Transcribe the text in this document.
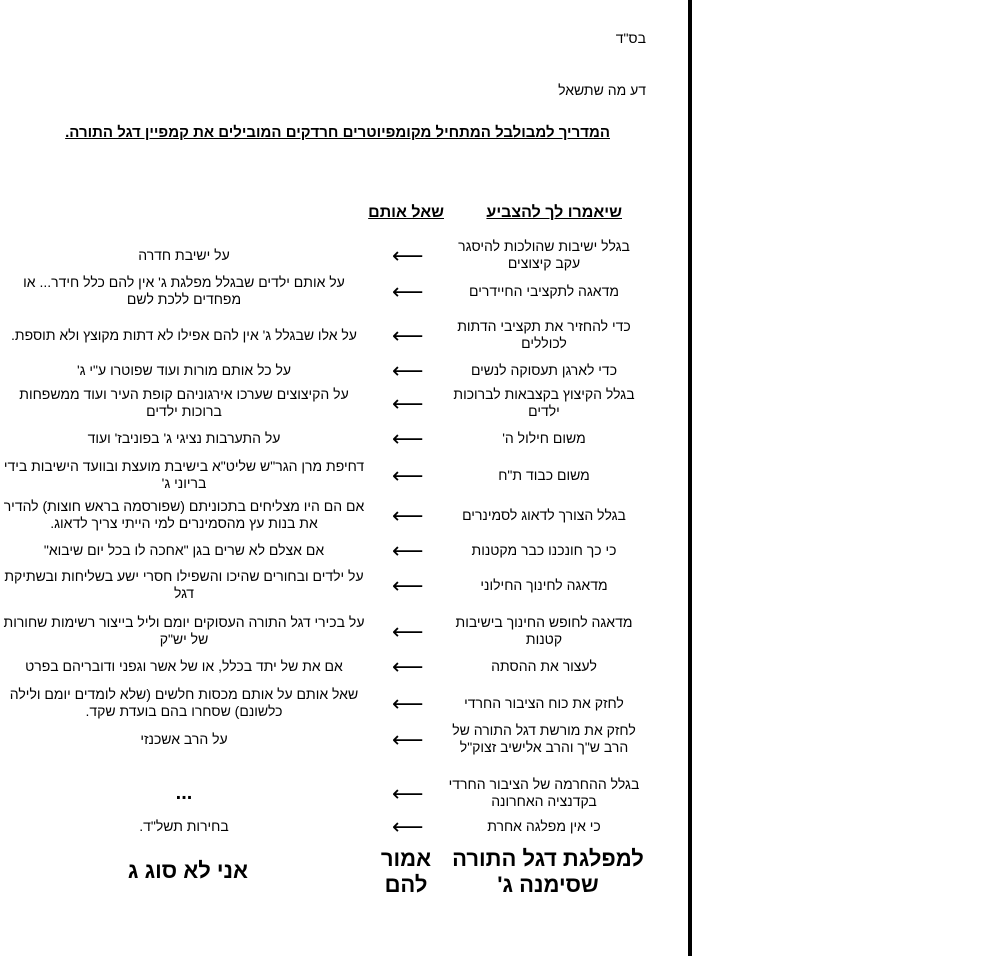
בס"ד
דע מה שתשאל
המדריך למבולבל המתחיל מקומפיוטרים חרדקים המובילים את קמפיין דגל התורה.
שיאמרו לך להצביע
שאל אותם
בגלל ישיבות שהולכות להיסגר עקב קיצוצים
⟵
על ישיבת חדרה
מדאגה לתקציבי החיידרים
⟵
על אותם ילדים שבגלל מפלגת ג' אין להם כלל חידר... או מפחדים ללכת לשם
כדי להחזיר את תקציבי הדתות לכוללים
⟵
על אלו שבגלל ג' אין להם אפילו לא דתות מקוצץ ולא תוספת.
כדי לארגן תעסוקה לנשים
⟵
על כל אותם מורות ועוד שפוטרו ע"י ג'
בגלל הקיצוץ בקצבאות לברוכות ילדים
⟵
על הקיצוצים שערכו אירגוניהם קופת העיר ועוד ממשפחות ברוכות ילדים
משום חילול ה'
⟵
על התערבות נציגי ג' בפוניבז' ועוד
משום כבוד ת"ח
⟵
דחיפת מרן הגר"ש שליט"א בישיבת מועצת ובוועד הישיבות בידי בריוני ג'
בגלל הצורך לדאוג לסמינרים
⟵
אם הם היו מצליחים בתכוניתם (שפורסמה בראש חוצות) להדיר את בנות עץ מהסמינרים למי הייתי צריך לדאוג.
כי כך חונכנו כבר מקטנות
⟵
אם אצלם לא שרים בגן "אחכה לו בכל יום שיבוא"
מדאגה לחינוך החילוני
⟵
על ילדים ובחורים שהיכו והשפילו חסרי ישע בשליחות ובשתיקת דגל
מדאגה לחופש החינוך בישיבות קטנות
⟵
על בכירי דגל התורה העסוקים יומם וליל בייצור רשימות שחורות של יש"ק
לעצור את ההסתה
⟵
אם את של יתד בכלל, או של אשר וגפני ודובריהם בפרט
לחזק את כוח הציבור החרדי
⟵
שאל אותם על אותם מכסות חלשים (שלא לומדים יומם ולילה כלשונם) שסחרו בהם בועדת שקד.
לחזק את מורשת דגל התורה של הרב ש"ך והרב אלישיב זצוק"ל
⟵
על הרב אשכנזי
בגלל ההחרמה של הציבור החרדי בקדנציה האחרונה
⟵
...
כי אין מפלגה אחרת
⟵
בחירות תשל"ד.
למפלגת דגל התורה שסימנה ג'
אמור להם
אני לא סוג ג
